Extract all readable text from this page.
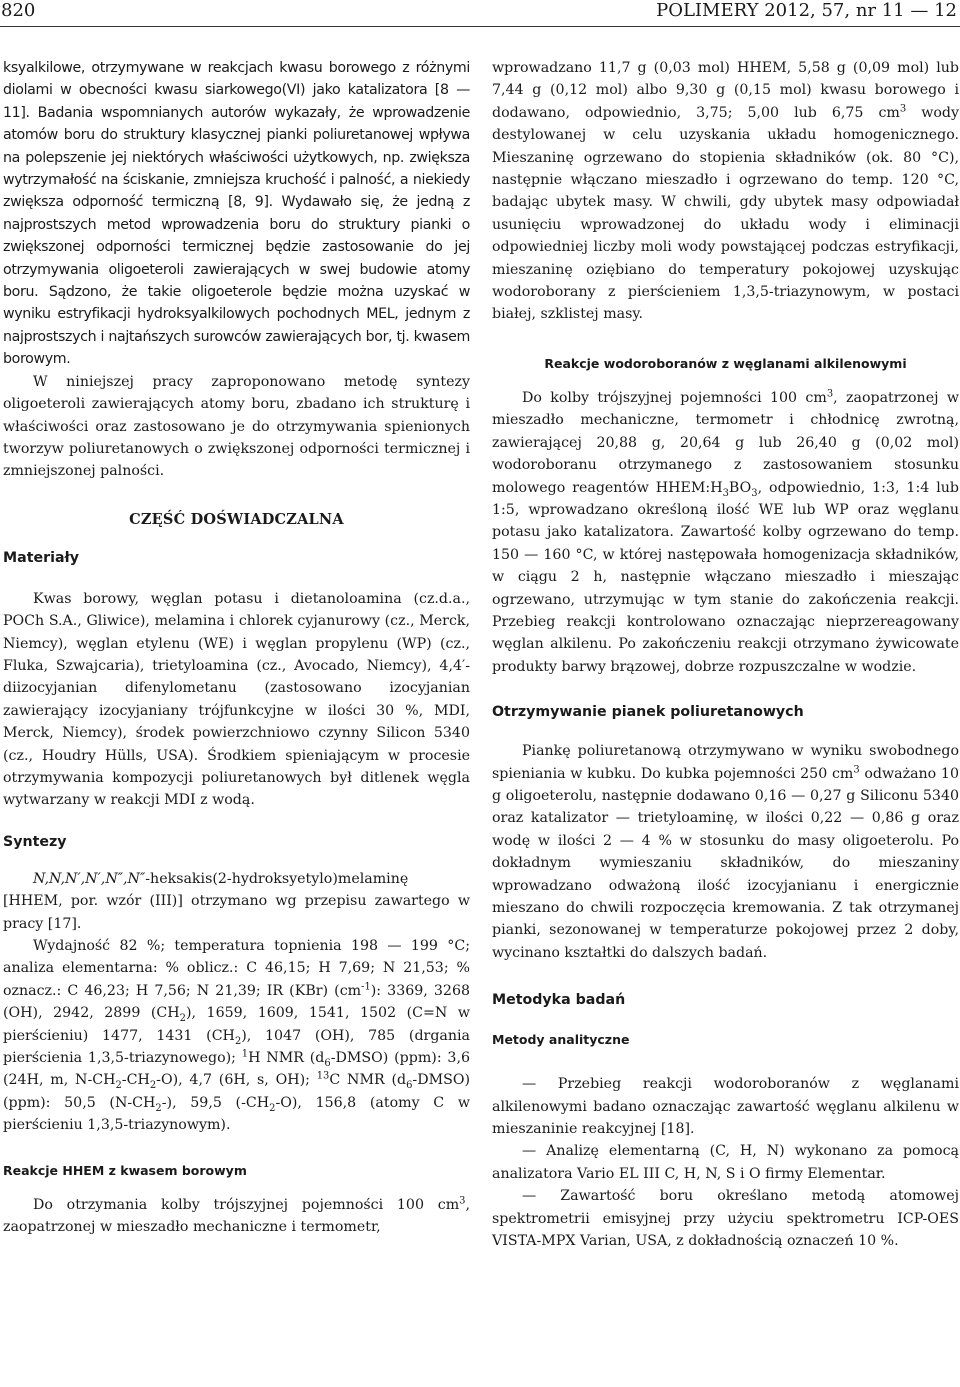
820	POLIMERY 2012, 57, nr 11 — 12

ksyalkilowe, otrzymywane w reakcjach kwasu borowego z różnymi diolami w obecności kwasu siarkowego(VI) jako katalizatora [8 — 11]. Badania wspomnianych autorów wykazały, że wprowadzenie atomów boru do struktury klasycznej pianki poliuretanowej wpływa na polepszenie jej niektórych właściwości użytkowych, np. zwiększa wytrzymałość na ściskanie, zmniejsza kruchość i palność, a niekiedy zwiększa odporność termiczną [8, 9]. Wydawało się, że jedną z najprostszych metod wprowadzenia boru do struktury pianki o zwiększonej odporności termicznej będzie zastosowanie do jej otrzymywania oligoeteroli zawierających w swej budowie atomy boru. Sądzono, że takie oligoeterole będzie można uzyskać w wyniku estryfikacji hydroksyalkilowych pochodnych MEL, jednym z najprostszych i najtańszych surowców zawierających bor, tj. kwasem borowym.

W niniejszej pracy zaproponowano metodę syntezy oligoeteroli zawierających atomy boru, zbadano ich strukturę i właściwości oraz zastosowano je do otrzymywania spienionych tworzyw poliuretanowych o zwiększonej odporności termicznej i zmniejszonej palności.

CZĘŚĆ DOŚWIADCZALNA

Materiały

Kwas borowy, węglan potasu i dietanoloamina (cz.d.a., POCh S.A., Gliwice), melamina i chlorek cyjanurowy (cz., Merck, Niemcy), węglan etylenu (WE) i węglan propylenu (WP) (cz., Fluka, Szwajcaria), trietyloamina (cz., Avocado, Niemcy), 4,4′-diizocyjanian difenylometanu (zastosowano izocyjanian zawierający izocyjaniany trójfunkcyjne w ilości 30 %, MDI, Merck, Niemcy), środek powierzchniowo czynny Silicon 5340 (cz., Houdry Hülls, USA). Środkiem spieniającym w procesie otrzymywania kompozycji poliuretanowych był ditlenek węgla wytwarzany w reakcji MDI z wodą.

Syntezy

N,N,N′,N′,N″,N″-heksakis(2-hydroksyetylo)melaminę [HHEM, por. wzór (III)] otrzymano wg przepisu zawartego w pracy [17].

Wydajność 82 %; temperatura topnienia 198 — 199 °C; analiza elementarna: % oblicz.: C 46,15; H 7,69; N 21,53; % oznacz.: C 46,23; H 7,56; N 21,39; IR (KBr) $(cm^{-1})$: 3369, 3268 (OH), 2942, 2899 $(CH_2)$, 1659, 1609, 1541, 1502 (C=N w pierścieniu) 1477, 1431 $(CH_2)$, 1047 (OH), 785 (drgania pierścienia 1,3,5-triazynowego); $^1$H NMR $(d_6-DMSO)$ (ppm): 3,6 (24H, m, $N-CH_2-CH_2-O$), 4,7 (6H, s, OH); $^{13}$C NMR $(d_6-DMSO)$ (ppm): 50,5 $(N-CH_2-)$, 59,5 $(-CH_2-O)$, 156,8 (atomy C w pierścieniu 1,3,5-triazynowym).

Reakcje HHEM z kwasem borowym

Do otrzymania kolby trójszyjnej pojemności 100 $cm^3$, zaopatrzonej w mieszadło mechaniczne i termometr,

wprowadzano 11,7 g (0,03 mol) HHEM, 5,58 g (0,09 mol) lub 7,44 g (0,12 mol) albo 9,30 g (0,15 mol) kwasu borowego i dodawano, odpowiednio, 3,75; 5,00 lub 6,75 $cm^3$ wody destylowanej w celu uzyskania układu homogenicznego. Mieszaninę ogrzewano do stopienia składników (ok. 80 °C), następnie włączano mieszadło i ogrzewano do temp. 120 °C, badając ubytek masy. W chwili, gdy ubytek masy odpowiadał usunięciu wprowadzonej do układu wody i eliminacji odpowiedniej liczby moli wody powstającej podczas estryfikacji, mieszaninę oziębiano do temperatury pokojowej uzyskując wodoroborany z pierścieniem 1,3,5-triazynowym, w postaci białej, szklistej masy.

Reakcje wodoroboranów z węglanami alkilenowymi

Do kolby trójszyjnej pojemności 100 $cm^3$, zaopatrzonej w mieszadło mechaniczne, termometr i chłodnicę zwrotną, zawierającej 20,88 g, 20,64 g lub 26,40 g (0,02 mol) wodoroboranu otrzymanego z zastosowaniem stosunku molowego reagentów $HHEM:H_3BO_3$, odpowiednio, 1:3, 1:4 lub 1:5, wprowadzano określoną ilość WE lub WP oraz węglanu potasu jako katalizatora. Zawartość kolby ogrzewano do temp. 150 — 160 °C, w której następowała homogenizacja składników, w ciągu 2 h, następnie włączano mieszadło i mieszając ogrzewano, utrzymując w tym stanie do zakończenia reakcji. Przebieg reakcji kontrolowano oznaczając nieprzereagowany węglan alkilenu. Po zakończeniu reakcji otrzymano żywicowate produkty barwy brązowej, dobrze rozpuszczalne w wodzie.

Otrzymywanie pianek poliuretanowych

Piankę poliuretanową otrzymywano w wyniku swobodnego spieniania w kubku. Do kubka pojemności 250 $cm^3$ odważano 10 g oligoeterolu, następnie dodawano 0,16 — 0,27 g Siliconu 5340 oraz katalizator — trietyloaminę, w ilości 0,22 — 0,86 g oraz wodę w ilości 2 — 4 % w stosunku do masy oligoeterolu. Po dokładnym wymieszaniu składników, do mieszaniny wprowadzano odważoną ilość izocyjanianu i energicznie mieszano do chwili rozpoczęcia kremowania. Z tak otrzymanej pianki, sezonowanej w temperaturze pokojowej przez 2 doby, wycinano kształtki do dalszych badań.

Metodyka badań

Metody analityczne

— Przebieg reakcji wodoroboranów z węglanami alkilenowymi badano oznaczając zawartość węglanu alkilenu w mieszaninie reakcyjnej [18].

— Analizę elementarną (C, H, N) wykonano za pomocą analizatora Vario EL III C, H, N, S i O firmy Elementar.

— Zawartość boru określano metodą atomowej spektrometrii emisyjnej przy użyciu spektrometru ICP-OES VISTA-MPX Varian, USA, z dokładnością oznaczeń 10 %.
